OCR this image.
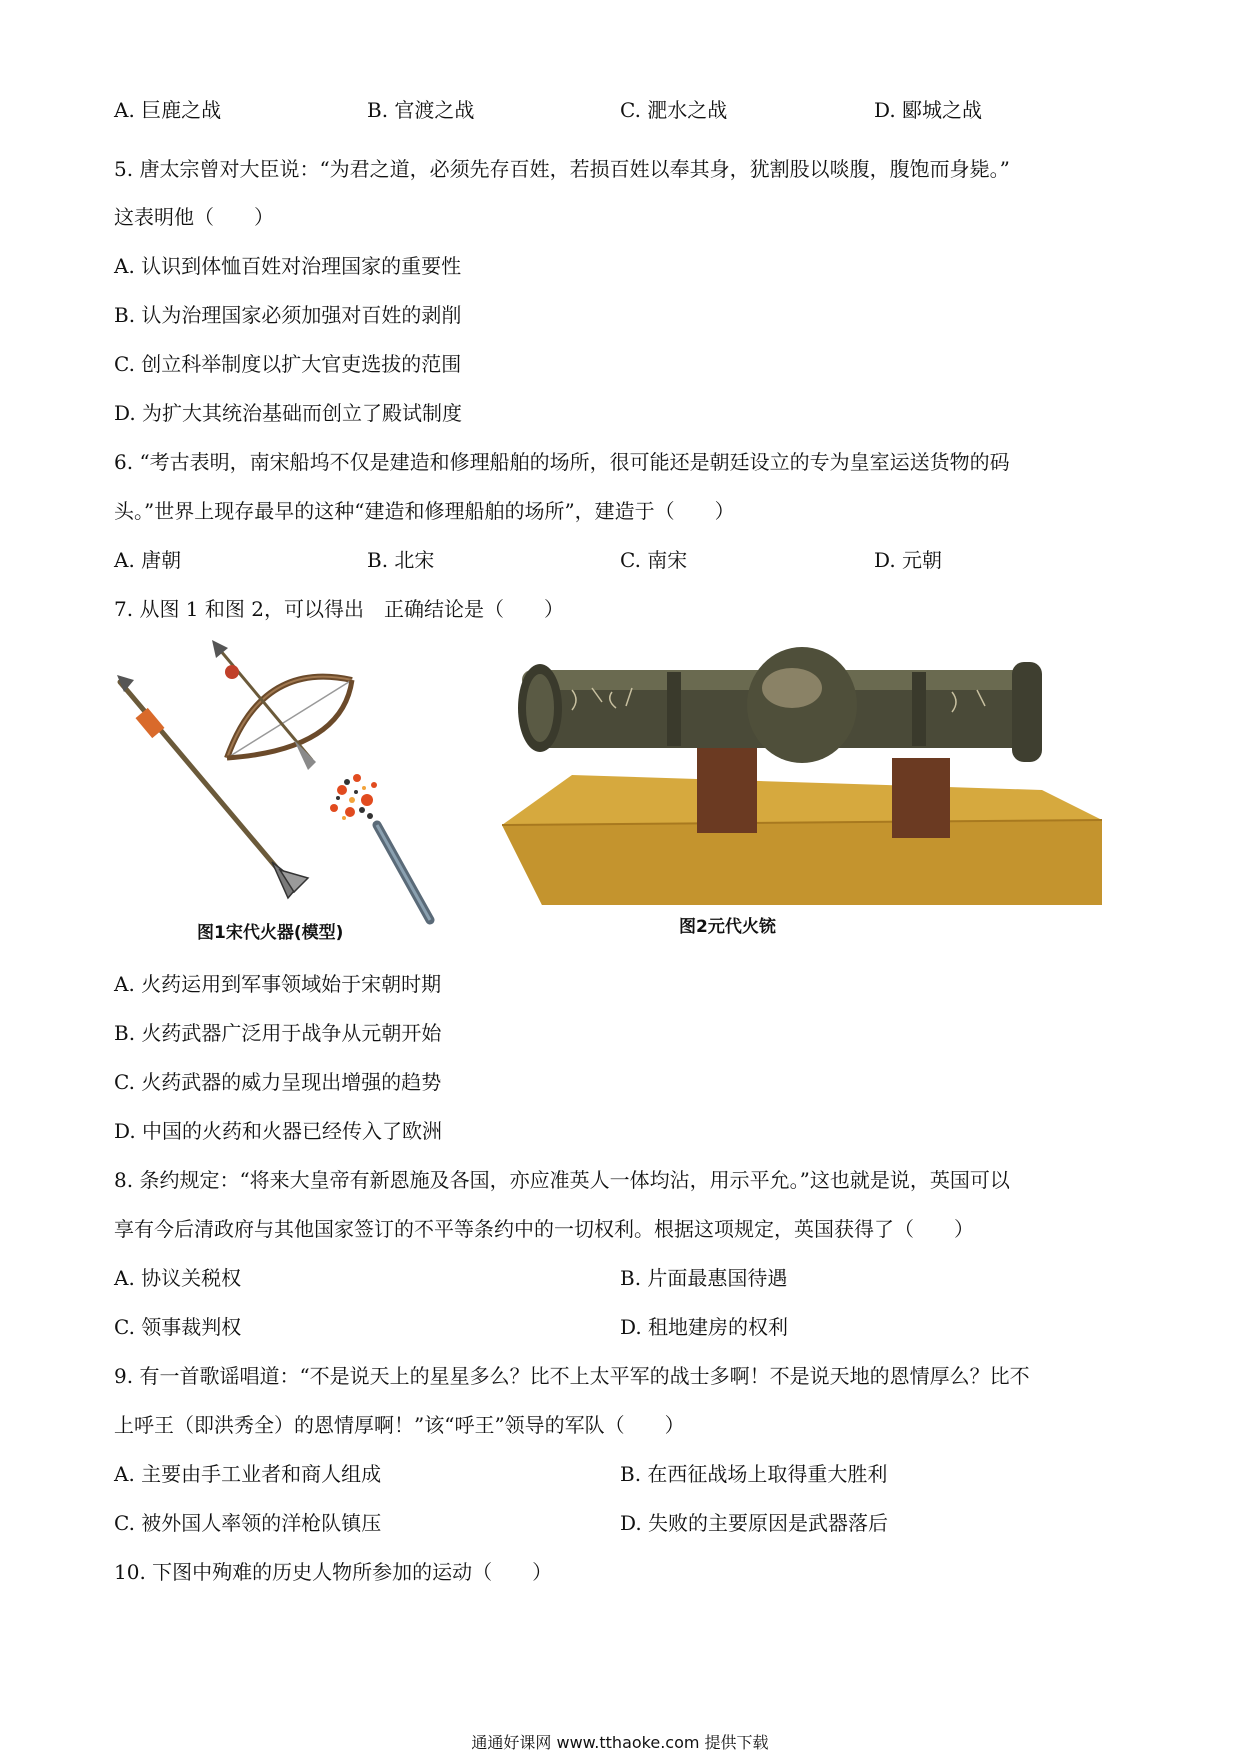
A. 巨鹿之战	B. 官渡之战	C. 淝水之战	D. 郾城之战
5. 唐太宗曾对大臣说：“为君之道，必须先存百姓，若损百姓以奉其身，犹割股以啖腹，腹饱而身毙。”
这表明他（　　）
A. 认识到体恤百姓对治理国家的重要性
B. 认为治理国家必须加强对百姓的剥削
C. 创立科举制度以扩大官吏选拔的范围
D. 为扩大其统治基础而创立了殿试制度
6. “考古表明，南宋船坞不仅是建造和修理船舶的场所，很可能还是朝廷设立的专为皇室运送货物的码
头。”世界上现存最早的这种“建造和修理船舶的场所”，建造于（　　）
A. 唐朝	B. 北宋	C. 南宋	D. 元朝
7. 从图 1 和图 2，可以得出　正确结论是（　　）
图1宋代火器(模型)	图2元代火铳
A. 火药运用到军事领域始于宋朝时期
B. 火药武器广泛用于战争从元朝开始
C. 火药武器的威力呈现出增强的趋势
D. 中国的火药和火器已经传入了欧洲
8. 条约规定：“将来大皇帝有新恩施及各国，亦应准英人一体均沾，用示平允。”这也就是说，英国可以
享有今后清政府与其他国家签订的不平等条约中的一切权利。根据这项规定，英国获得了（　　）
A. 协议关税权	B. 片面最惠国待遇
C. 领事裁判权	D. 租地建房的权利
9. 有一首歌谣唱道：“不是说天上的星星多么？比不上太平军的战士多啊！不是说天地的恩情厚么？比不
上呼王（即洪秀全）的恩情厚啊！”该“呼王”领导的军队（　　）
A. 主要由手工业者和商人组成	B. 在西征战场上取得重大胜利
C. 被外国人率领的洋枪队镇压	D. 失败的主要原因是武器落后
10. 下图中殉难的历史人物所参加的运动（　　）
通通好课网 www.tthaoke.com 提供下载
